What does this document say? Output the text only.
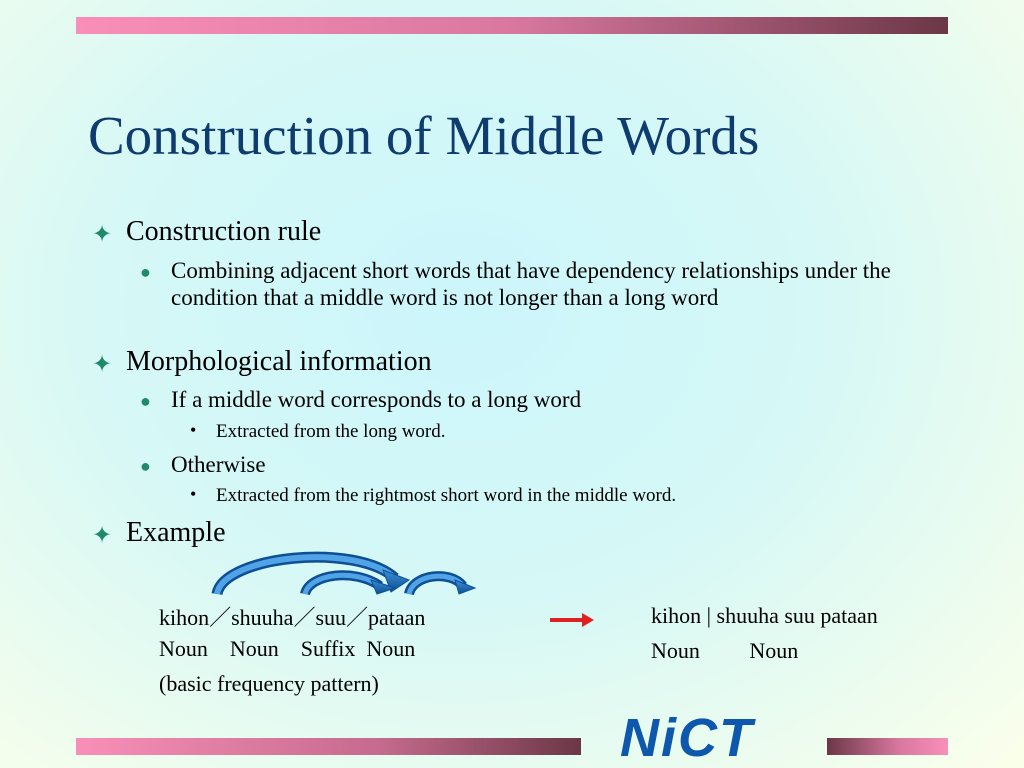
Construction of Middle Words
✦ Construction rule
● Combining adjacent short words that have dependency relationships under the condition that a middle word is not longer than a long word
✦ Morphological information
● If a middle word corresponds to a long word
• Extracted from the long word.
● Otherwise
• Extracted from the rightmost short word in the middle word.
✦ Example
kihon／shuuha／suu／pataan
Noun    Noun    Suffix  Noun
(basic frequency pattern)
kihon | shuuha suu pataan
Noun         Noun
NiCT
